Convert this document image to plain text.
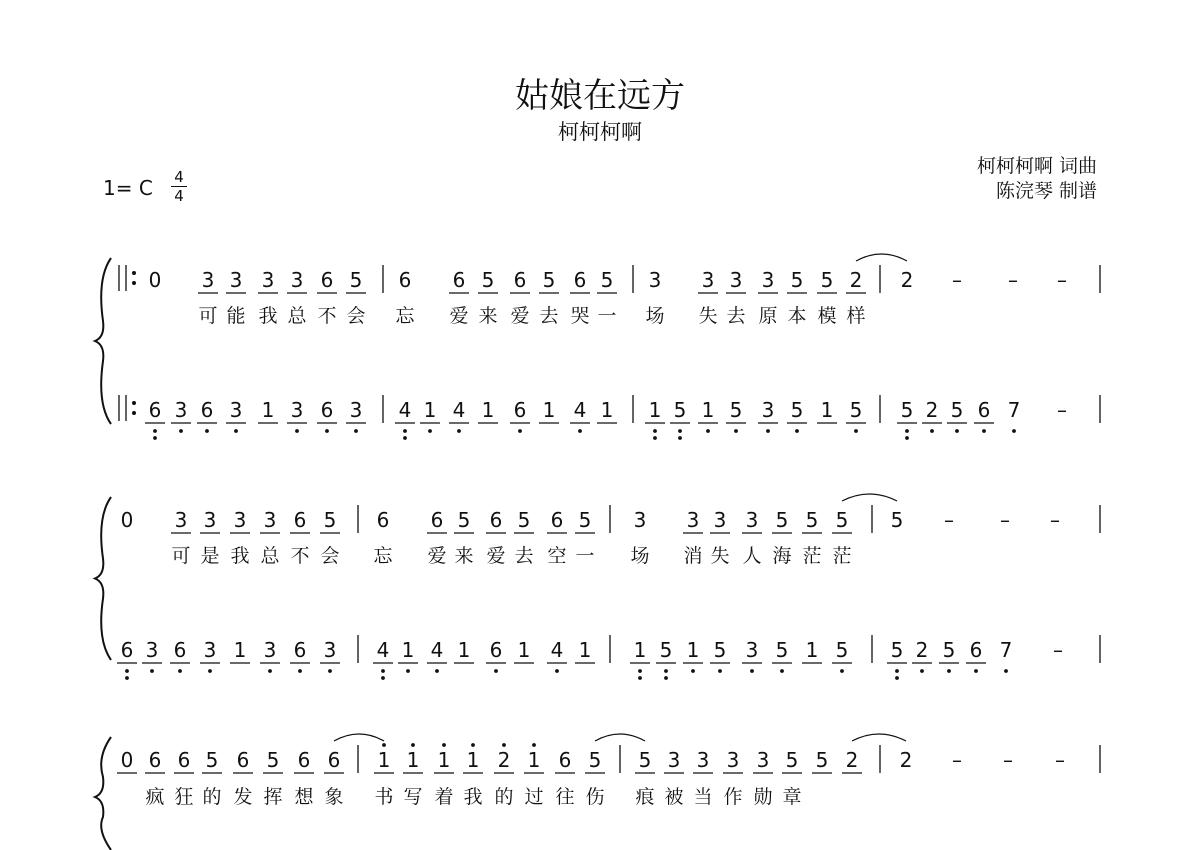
姑娘在远方
柯柯柯啊
柯柯柯啊 词曲
陈浣琴 制谱
1= C 4
4
0 3 3 3 3 6 5 6 6 5 6 5 6 5 3 3 3 3 5 5 2 2 – – –
可 能 我 总 不 会 忘 爱 来 爱 去 哭 一 场 失 去 原 本 模 样
6 3 6 3 1 3 6 3 4 1 4 1 6 1 4 1 1 5 1 5 3 5 1 5 5 2 5 6 7 –
0 3 3 3 3 6 5 6 6 5 6 5 6 5 3 3 3 3 5 5 5 5 – – –
可 是 我 总 不 会 忘 爱 来 爱 去 空 一 场 消 失 人 海 茫 茫
6 3 6 3 1 3 6 3 4 1 4 1 6 1 4 1 1 5 1 5 3 5 1 5 5 2 5 6 7 –
0 6 6 5 6 5 6 6 1 1 1 1 2 1 6 5 5 3 3 3 3 5 5 2 2 – – –
疯 狂 的 发 挥 想 象 书 写 着 我 的 过 往 伤 痕 被 当 作 勋 章
